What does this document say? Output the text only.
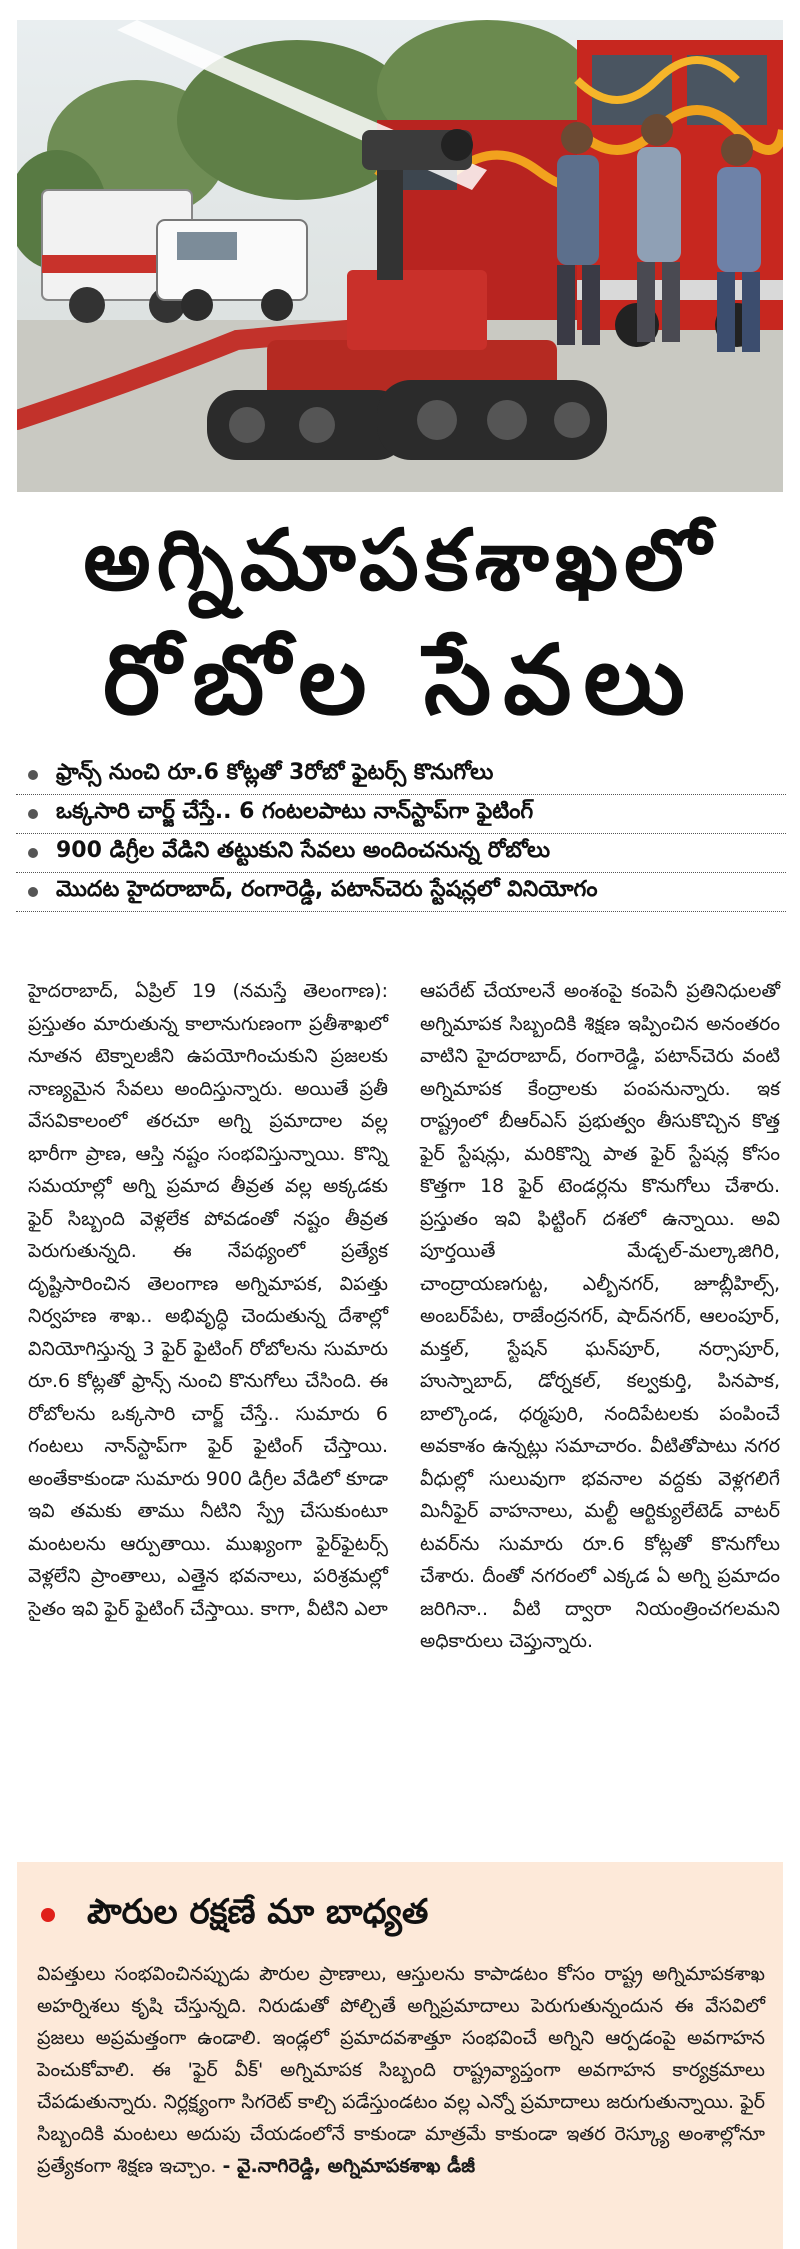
అగ్నిమాపకశాఖలో
రోబోల సేవలు
ఫ్రాన్స్ నుంచి రూ.6 కోట్లతో 3రోబో ఫైటర్స్ కొనుగోలు
ఒక్కసారి చార్జ్ చేస్తే.. 6 గంటలపాటు నాన్‌స్టాప్‌గా ఫైటింగ్
900 డిగ్రీల వేడిని తట్టుకుని సేవలు అందించనున్న రోబోలు
మొదట హైదరాబాద్, రంగారెడ్డి, పటాన్‌చెరు స్టేషన్లలో వినియోగం

హైదరాబాద్, ఏప్రిల్ 19 (నమస్తే తెలంగాణ): ప్రస్తుతం మారుతున్న కాలానుగుణంగా ప్రతీశాఖలో నూతన టెక్నాలజీని ఉపయోగించుకుని ప్రజలకు నాణ్యమైన సేవలు అందిస్తున్నారు. అయితే ప్రతీ వేసవికాలంలో తరచూ అగ్ని ప్రమాదాల వల్ల భారీగా ప్రాణ, ఆస్తి నష్టం సంభవిస్తున్నాయి. కొన్ని సమయాల్లో అగ్ని ప్రమాద తీవ్రత వల్ల అక్కడకు ఫైర్ సిబ్బంది వెళ్లలేక పోవడంతో నష్టం తీవ్రత పెరుగుతున్నది. ఈ నేపథ్యంలో ప్రత్యేక దృష్టిసారించిన తెలంగాణ అగ్నిమాపక, విపత్తు నిర్వహణ శాఖ.. అభివృద్ధి చెందుతున్న దేశాల్లో వినియోగిస్తున్న 3 ఫైర్ ఫైటింగ్ రోబోలను సుమారు రూ.6 కోట్లతో ఫ్రాన్స్ నుంచి కొనుగోలు చేసింది. ఈ రోబోలను ఒక్కసారి చార్జ్ చేస్తే.. సుమారు 6 గంటలు నాన్‌స్టాప్‌గా ఫైర్ ఫైటింగ్ చేస్తాయి. అంతేకాకుండా సుమారు 900 డిగ్రీల వేడిలో కూడా ఇవి తమకు తాము నీటిని స్ప్రే చేసుకుంటూ మంటలను ఆర్పుతాయి. ముఖ్యంగా ఫైర్‌ఫైటర్స్ వెళ్లలేని ప్రాంతాలు, ఎత్తైన భవనాలు, పరిశ్రమల్లో సైతం ఇవి ఫైర్ ఫైటింగ్ చేస్తాయి. కాగా, వీటిని ఎలా

ఆపరేట్ చేయాలనే అంశంపై కంపెనీ ప్రతినిధులతో అగ్నిమాపక సిబ్బందికి శిక్షణ ఇప్పించిన అనంతరం వాటిని హైదరాబాద్, రంగారెడ్డి, పటాన్‌చెరు వంటి అగ్నిమాపక కేంద్రాలకు పంపనున్నారు. ఇక రాష్ట్రంలో బీఆర్‌ఎస్ ప్రభుత్వం తీసుకొచ్చిన కొత్త ఫైర్ స్టేషన్లు, మరికొన్ని పాత ఫైర్ స్టేషన్ల కోసం కొత్తగా 18 ఫైర్ టెండర్లను కొనుగోలు చేశారు. ప్రస్తుతం ఇవి ఫిట్టింగ్ దశలో ఉన్నాయి. అవి పూర్తయితే మేడ్చల్-మల్కాజిగిరి, చాంద్రాయణగుట్ట, ఎల్బీనగర్, జూబ్లీహిల్స్, అంబర్‌పేట, రాజేంద్రనగర్, షాద్‌నగర్, ఆలంపూర్, మక్తల్, స్టేషన్ ఘన్‌పూర్, నర్సాపూర్, హుస్నాబాద్, డోర్నకల్, కల్వకుర్తి, పినపాక, బాల్కొండ, ధర్మపురి, నందిపేటలకు పంపించే అవకాశం ఉన్నట్లు సమాచారం. వీటితోపాటు నగర వీధుల్లో సులువుగా భవనాల వద్దకు వెళ్లగలిగే మినీఫైర్ వాహనాలు, మల్టీ ఆర్టిక్యులేటెడ్ వాటర్ టవర్‌ను సుమారు రూ.6 కోట్లతో కొనుగోలు చేశారు. దీంతో నగరంలో ఎక్కడ ఏ అగ్ని ప్రమాదం జరిగినా.. వీటి ద్వారా నియంత్రించగలమని అధికారులు చెప్తున్నారు.

పౌరుల రక్షణే మా బాధ్యత
విపత్తులు సంభవించినప్పుడు పౌరుల ప్రాణాలు, ఆస్తులను కాపాడటం కోసం రాష్ట్ర అగ్నిమాపకశాఖ అహర్నిశలు కృషి చేస్తున్నది. నిరుడుతో పోల్చితే అగ్నిప్రమాదాలు పెరుగుతున్నందున ఈ వేసవిలో ప్రజలు అప్రమత్తంగా ఉండాలి. ఇండ్లలో ప్రమాదవశాత్తూ సంభవించే అగ్నిని ఆర్పడంపై అవగాహన పెంచుకోవాలి. ఈ 'ఫైర్ వీక్' అగ్నిమాపక సిబ్బంది రాష్ట్రవ్యాప్తంగా అవగాహన కార్యక్రమాలు చేపడుతున్నారు. నిర్లక్ష్యంగా సిగరెట్ కాల్చి పడేస్తుండటం వల్ల ఎన్నో ప్రమాదాలు జరుగుతున్నాయి. ఫైర్ సిబ్బందికి మంటలు అదుపు చేయడంలోనే కాకుండా మాత్రమే కాకుండా ఇతర రెస్క్యూ అంశాల్లోనూ ప్రత్యేకంగా శిక్షణ ఇచ్చాం. - వై.నాగిరెడ్డి, అగ్నిమాపకశాఖ డీజీ
